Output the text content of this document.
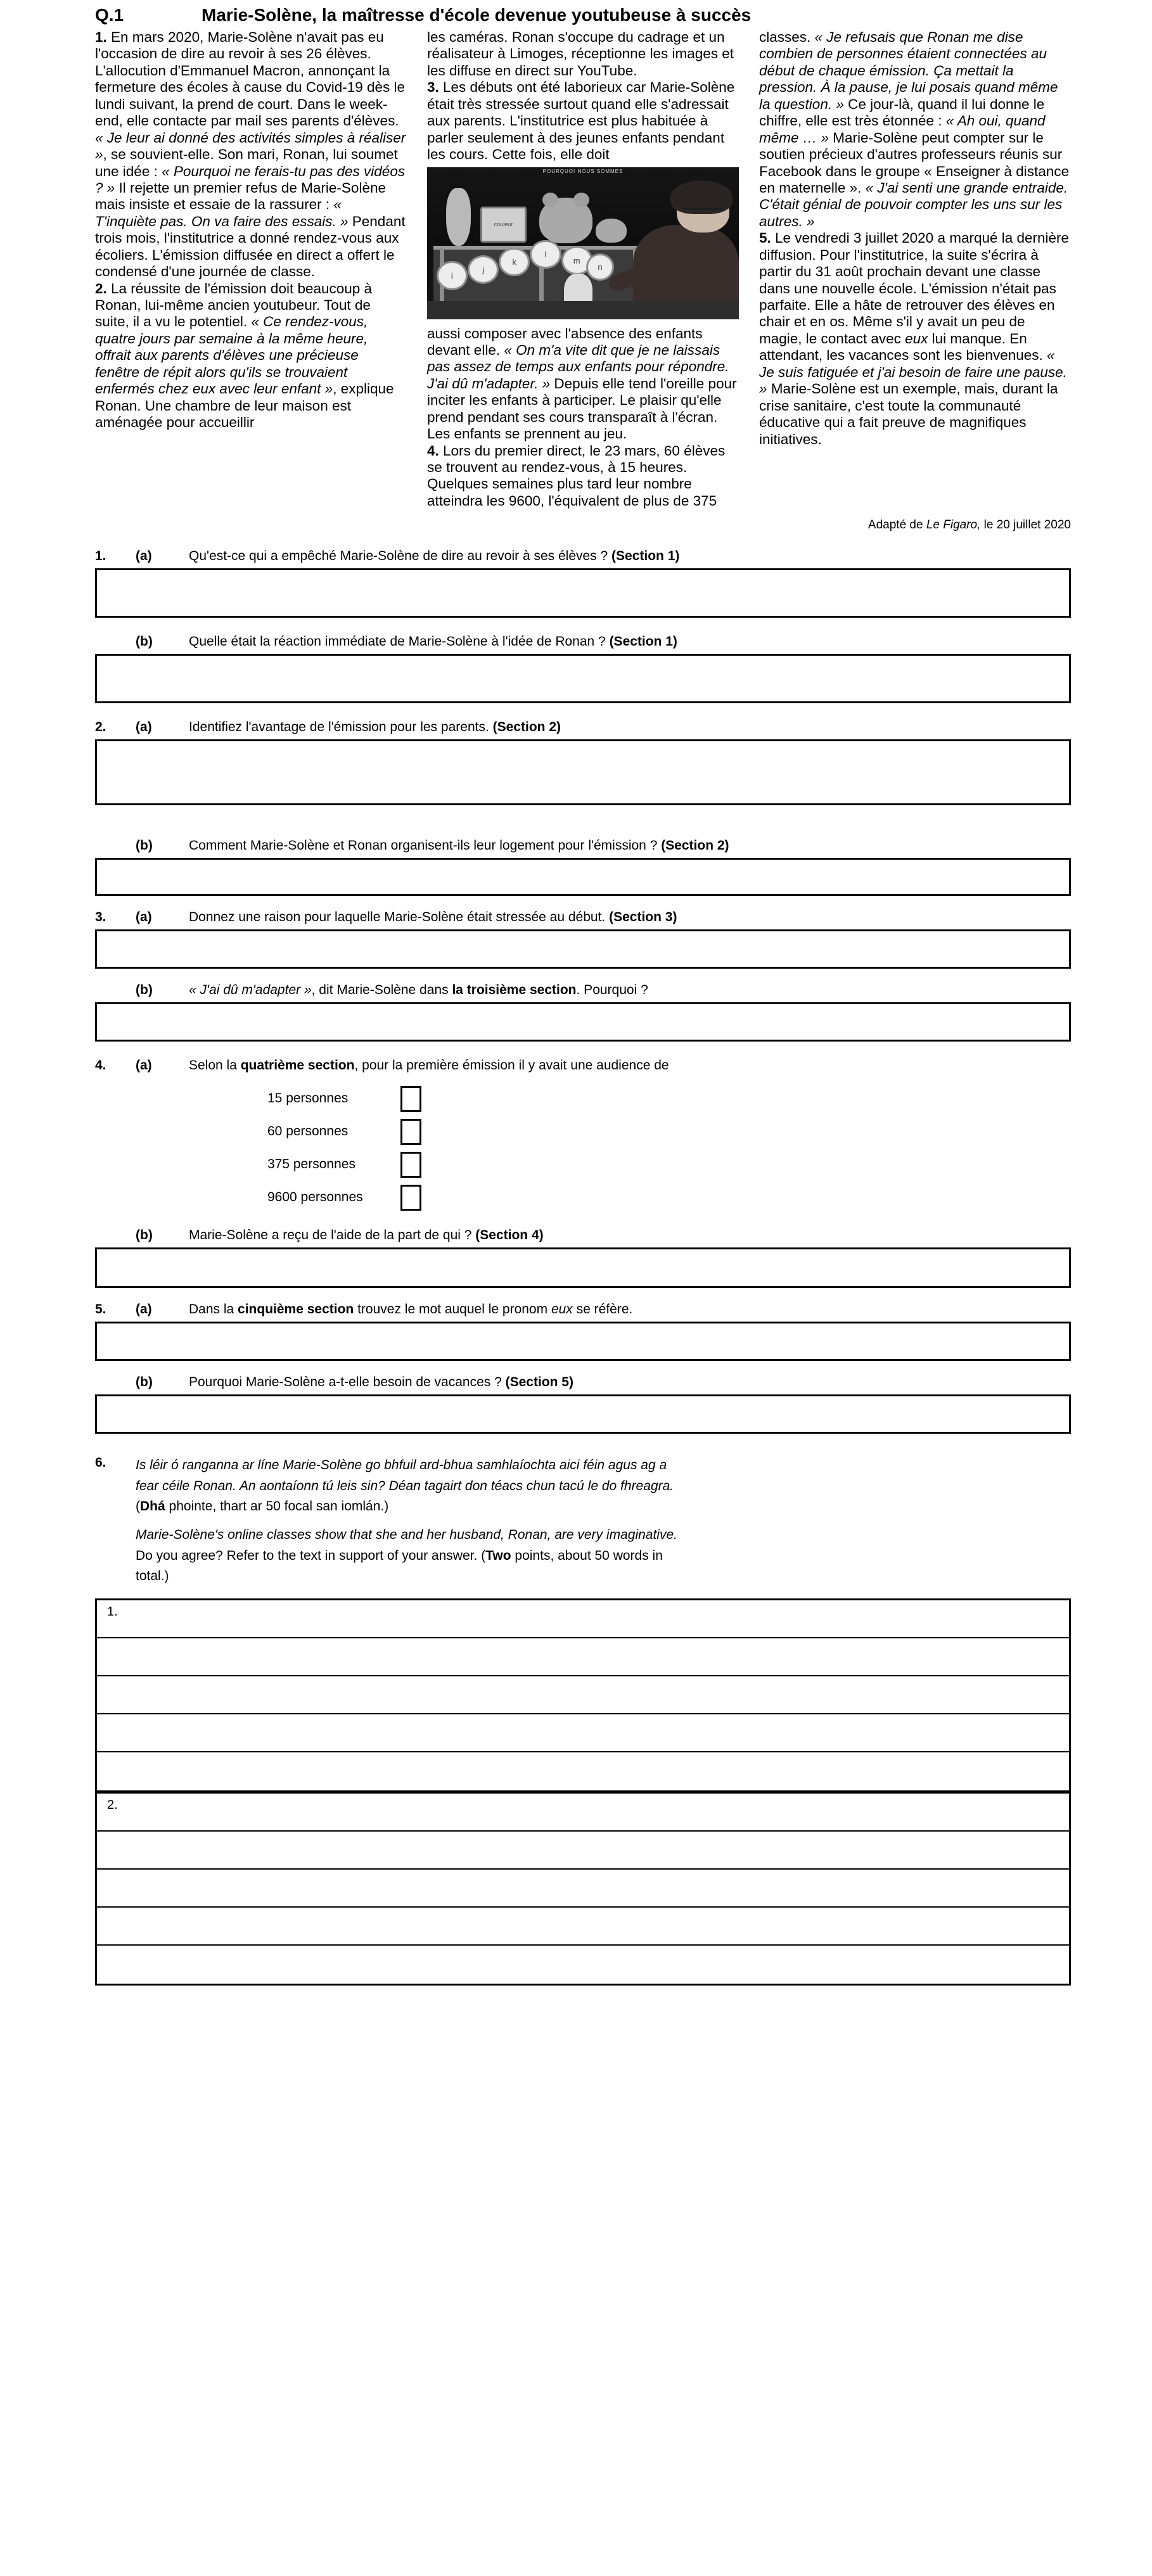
Q.1	Marie-Solène, la maîtresse d'école devenue youtubeuse à succès

1. En mars 2020, Marie-Solène n'avait pas eu l'occasion de dire au revoir à ses 26 élèves. L'allocution d'Emmanuel Macron, annonçant la fermeture des écoles à cause du Covid-19 dès le lundi suivant, la prend de court. Dans le week-end, elle contacte par mail ses parents d'élèves. « Je leur ai donné des activités simples à réaliser », se souvient-elle. Son mari, Ronan, lui soumet une idée : « Pourquoi ne ferais-tu pas des vidéos ? » Il rejette un premier refus de Marie-Solène mais insiste et essaie de la rassurer : « T'inquiète pas. On va faire des essais. » Pendant trois mois, l'institutrice a donné rendez-vous aux écoliers. L'émission diffusée en direct a offert le condensé d'une journée de classe.

2. La réussite de l'émission doit beaucoup à Ronan, lui-même ancien youtubeur. Tout de suite, il a vu le potentiel. « Ce rendez-vous, quatre jours par semaine à la même heure, offrait aux parents d'élèves une précieuse fenêtre de répit alors qu'ils se trouvaient enfermés chez eux avec leur enfant », explique Ronan. Une chambre de leur maison est aménagée pour accueillir

les caméras. Ronan s'occupe du cadrage et un réalisateur à Limoges, réceptionne les images et les diffuse en direct sur YouTube.

3. Les débuts ont été laborieux car Marie-Solène était très stressée surtout quand elle s'adressait aux parents. L'institutrice est plus habituée à parler seulement à des jeunes enfants pendant les cours. Cette fois, elle doit

POURQUOI NOUS SOMMES
couleur
i
j
k
l
m
n

aussi composer avec l'absence des enfants devant elle. « On m'a vite dit que je ne laissais pas assez de temps aux enfants pour répondre. J'ai dû m'adapter. » Depuis elle tend l'oreille pour inciter les enfants à participer. Le plaisir qu'elle prend pendant ses cours transparaît à l'écran. Les enfants se prennent au jeu.

4. Lors du premier direct, le 23 mars, 60 élèves se trouvent au rendez-vous, à 15 heures. Quelques semaines plus tard leur nombre atteindra les 9600, l'équivalent de plus de 375

classes. « Je refusais que Ronan me dise combien de personnes étaient connectées au début de chaque émission. Ça mettait la pression. À la pause, je lui posais quand même la question. » Ce jour-là, quand il lui donne le chiffre, elle est très étonnée : « Ah oui, quand même … » Marie-Solène peut compter sur le soutien précieux d'autres professeurs réunis sur Facebook dans le groupe « Enseigner à distance en maternelle ». « J'ai senti une grande entraide. C'était génial de pouvoir compter les uns sur les autres. »

5. Le vendredi 3 juillet 2020 a marqué la dernière diffusion. Pour l'institutrice, la suite s'écrira à partir du 31 août prochain devant une classe dans une nouvelle école. L'émission n'était pas parfaite. Elle a hâte de retrouver des élèves en chair et en os. Même s'il y avait un peu de magie, le contact avec eux lui manque. En attendant, les vacances sont les bienvenues. « Je suis fatiguée et j'ai besoin de faire une pause. » Marie-Solène est un exemple, mais, durant la crise sanitaire, c'est toute la communauté éducative qui a fait preuve de magnifiques initiatives.

Adapté de Le Figaro, le 20 juillet 2020
1.	(a)	Qu'est-ce qui a empêché Marie-Solène de dire au revoir à ses élèves ? (Section 1)
(b)	Quelle était la réaction immédiate de Marie-Solène à l'idée de Ronan ? (Section 1)
2.	(a)	Identifiez l'avantage de l'émission pour les parents. (Section 2)
(b)	Comment Marie-Solène et Ronan organisent-ils leur logement pour l'émission ? (Section 2)
3.	(a)	Donnez une raison pour laquelle Marie-Solène était stressée au début. (Section 3)
(b)	« J'ai dû m'adapter », dit Marie-Solène dans la troisième section. Pourquoi ?
4.	(a)	Selon la quatrième section, pour la première émission il y avait une audience de
15 personnes
60 personnes
375 personnes
9600 personnes
(b)	Marie-Solène a reçu de l'aide de la part de qui ? (Section 4)
5.	(a)	Dans la cinquième section trouvez le mot auquel le pronom eux se réfère.
(b)	Pourquoi Marie-Solène a-t-elle besoin de vacances ? (Section 5)
6.	Is léir ó ranganna ar líne Marie-Solène go bhfuil ard-bhua samhlaíochta aici féin agus ag a
fear céile Ronan. An aontaíonn tú leis sin? Déan tagairt don téacs chun tacú le do fhreagra.
(Dhá phointe, thart ar 50 focal san iomlán.)

Marie-Solène's online classes show that she and her husband, Ronan, are very imaginative.
Do you agree? Refer to the text in support of your answer. (Two points, about 50 words in
total.)

1.
2.
